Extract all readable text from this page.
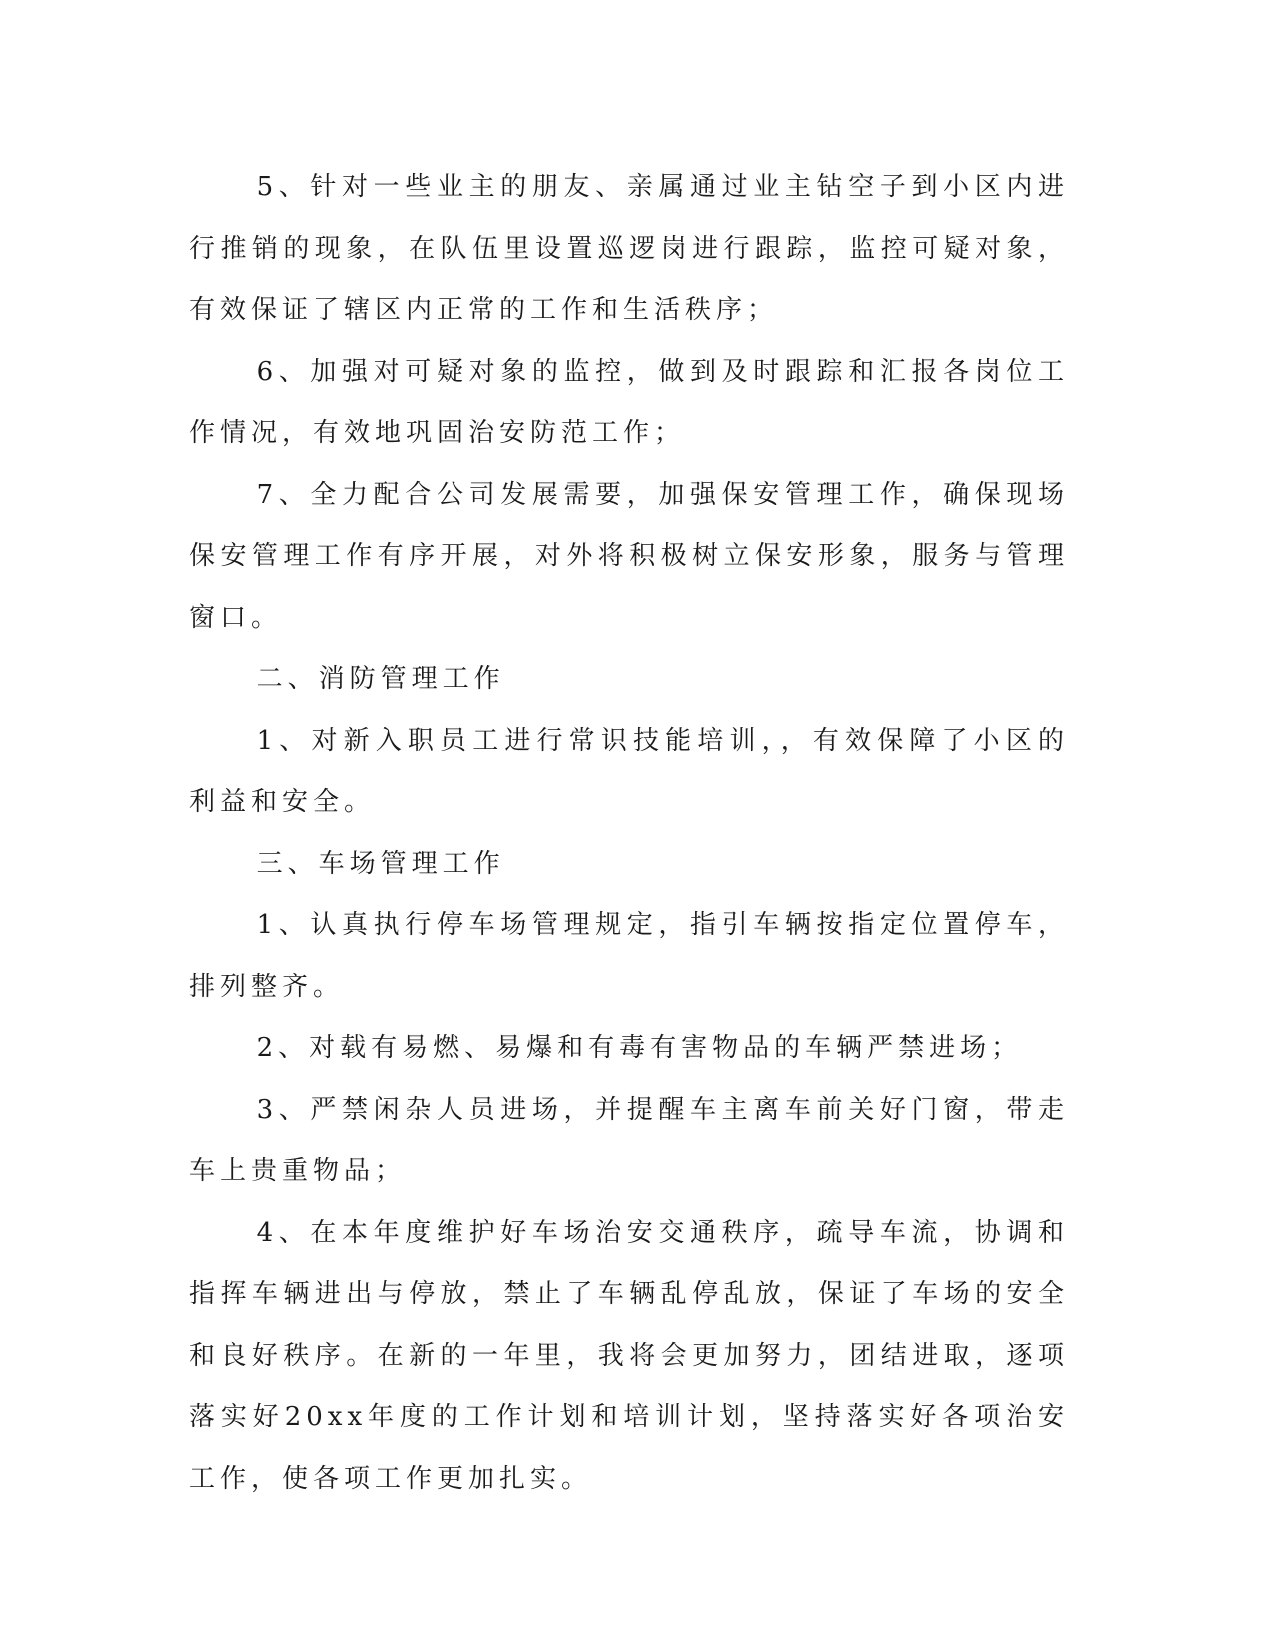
5、针对一些业主的朋友、亲属通过业主钻空子到小区内进行推销的现象，在队伍里设置巡逻岗进行跟踪，监控可疑对象，有效保证了辖区内正常的工作和生活秩序；

6、加强对可疑对象的监控，做到及时跟踪和汇报各岗位工作情况，有效地巩固治安防范工作；

7、全力配合公司发展需要，加强保安管理工作，确保现场保安管理工作有序开展，对外将积极树立保安形象，服务与管理窗口。

二、消防管理工作

1、对新入职员工进行常识技能培训，，有效保障了小区的利益和安全。

三、车场管理工作

1、认真执行停车场管理规定，指引车辆按指定位置停车，排列整齐。

2、对载有易燃、易爆和有毒有害物品的车辆严禁进场；

3、严禁闲杂人员进场，并提醒车主离车前关好门窗，带走车上贵重物品；

4、在本年度维护好车场治安交通秩序，疏导车流，协调和指挥车辆进出与停放，禁止了车辆乱停乱放，保证了车场的安全和良好秩序。在新的一年里，我将会更加努力，团结进取，逐项落实好20xx年度的工作计划和培训计划，坚持落实好各项治安工作，使各项工作更加扎实。
